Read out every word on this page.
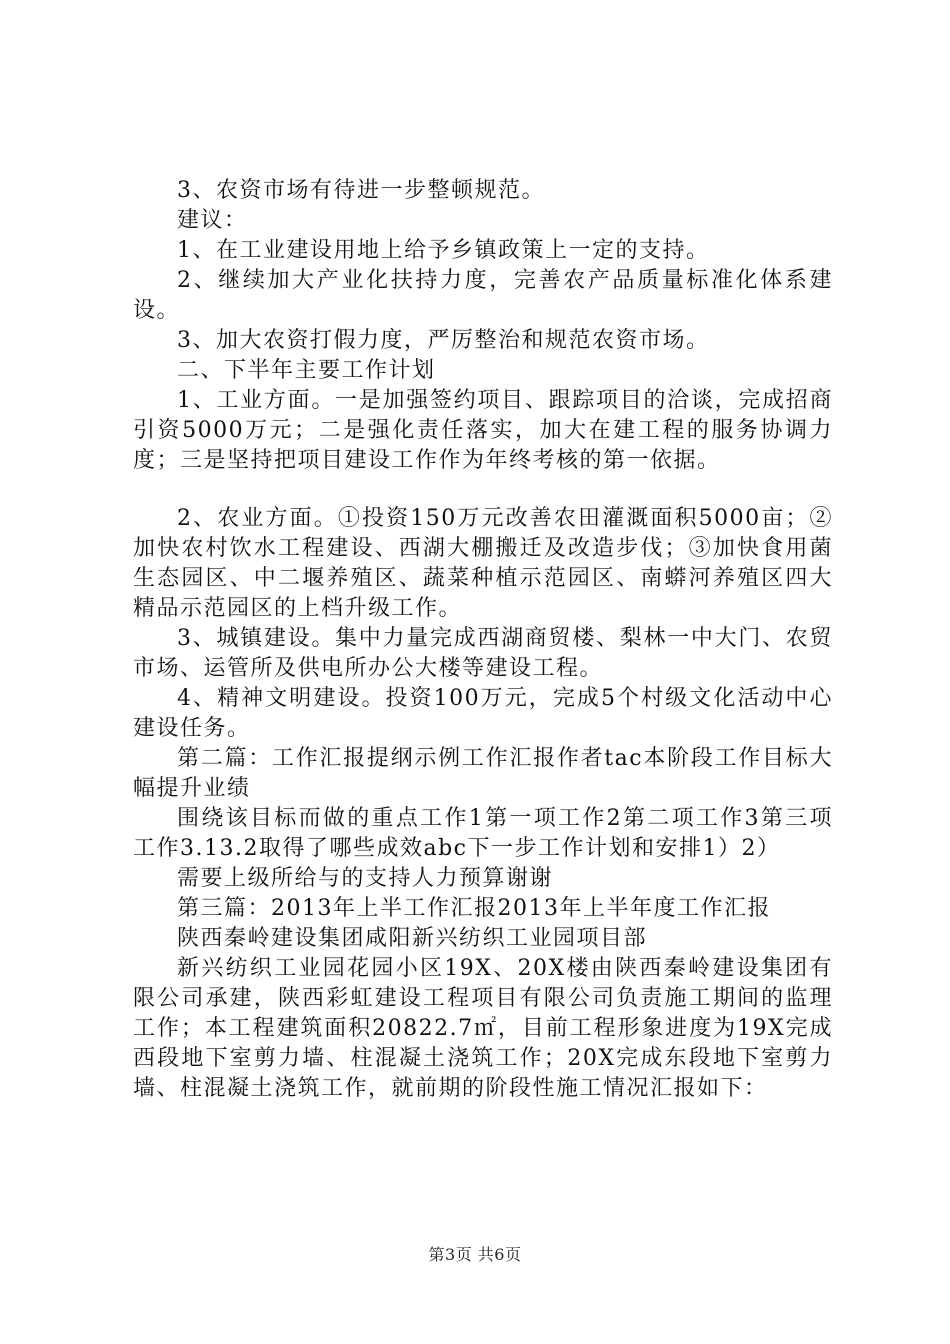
3、农资市场有待进一步整顿规范。

建议：

1、在工业建设用地上给予乡镇政策上一定的支持。

2、继续加大产业化扶持力度，完善农产品质量标准化体系建设。

3、加大农资打假力度，严厉整治和规范农资市场。

二、下半年主要工作计划

1、工业方面。一是加强签约项目、跟踪项目的洽谈，完成招商引资5000万元；二是强化责任落实，加大在建工程的服务协调力度；三是坚持把项目建设工作作为年终考核的第一依据。

2、农业方面。①投资150万元改善农田灌溉面积5000亩；②加快农村饮水工程建设、西湖大棚搬迁及改造步伐；③加快食用菌生态园区、中二堰养殖区、蔬菜种植示范园区、南蟒河养殖区四大精品示范园区的上档升级工作。

3、城镇建设。集中力量完成西湖商贸楼、梨林一中大门、农贸市场、运管所及供电所办公大楼等建设工程。

4、精神文明建设。投资100万元，完成5个村级文化活动中心建设任务。

第二篇：工作汇报提纲示例工作汇报作者tac本阶段工作目标大幅提升业绩

围绕该目标而做的重点工作1第一项工作2第二项工作3第三项工作3.13.2取得了哪些成效abc下一步工作计划和安排1）2）

需要上级所给与的支持人力预算谢谢

第三篇：2013年上半工作汇报2013年上半年度工作汇报

陕西秦岭建设集团咸阳新兴纺织工业园项目部

新兴纺织工业园花园小区19X、20X楼由陕西秦岭建设集团有限公司承建，陕西彩虹建设工程项目有限公司负责施工期间的监理工作；本工程建筑面积20822.7㎡，目前工程形象进度为19X完成西段地下室剪力墙、柱混凝土浇筑工作；20X完成东段地下室剪力墙、柱混凝土浇筑工作，就前期的阶段性施工情况汇报如下：

第3页 共6页
